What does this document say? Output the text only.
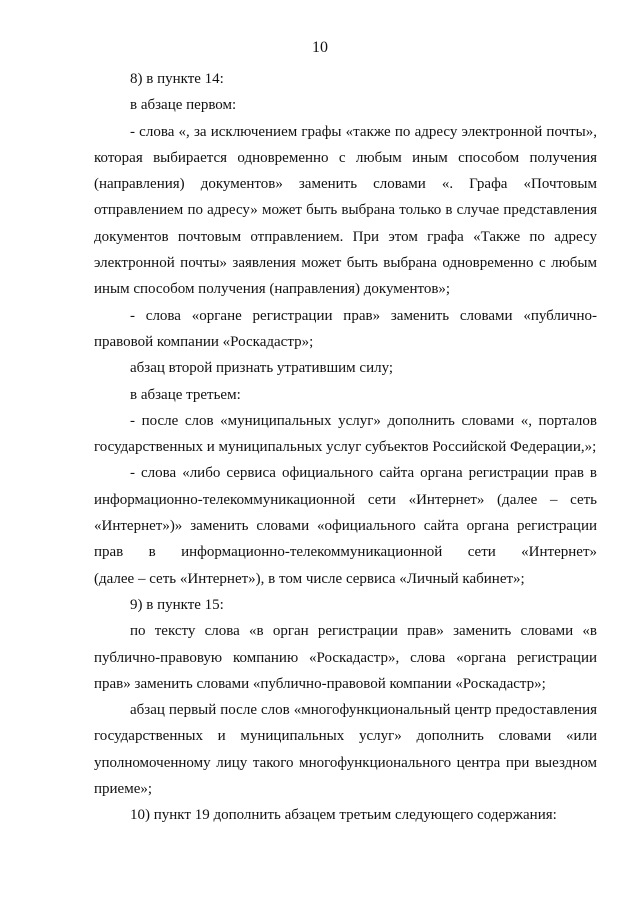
10

8) в пункте 14:

в абзаце первом:

- слова «, за исключением графы «также по адресу электронной почты», которая выбирается одновременно с любым иным способом получения (направления) документов» заменить словами «. Графа «Почтовым отправлением по адресу» может быть выбрана только в случае представления документов почтовым отправлением. При этом графа «Также по адресу электронной почты» заявления может быть выбрана одновременно с любым иным способом получения (направления) документов»;

- слова «органе регистрации прав» заменить словами «публично-правовой компании «Роскадастр»;

абзац второй признать утратившим силу;

в абзаце третьем:

- после слов «муниципальных услуг» дополнить словами «, порталов государственных и муниципальных услуг субъектов Российской Федерации,»;

- слова «либо сервиса официального сайта органа регистрации прав в информационно-телекоммуникационной сети «Интернет» (далее – сеть «Интернет»)» заменить словами «официального сайта органа регистрации

прав в информационно-телекоммуникационной сети «Интернет»

(далее – сеть «Интернет»), в том числе сервиса «Личный кабинет»;

9) в пункте 15:

по тексту слова «в орган регистрации прав» заменить словами «в публично-правовую компанию «Роскадастр», слова «органа регистрации прав» заменить словами «публично-правовой компании «Роскадастр»;

абзац первый после слов «многофункциональный центр предоставления государственных и муниципальных услуг» дополнить словами «или уполномоченному лицу такого многофункционального центра при выездном приеме»;

10) пункт 19 дополнить абзацем третьим следующего содержания:
